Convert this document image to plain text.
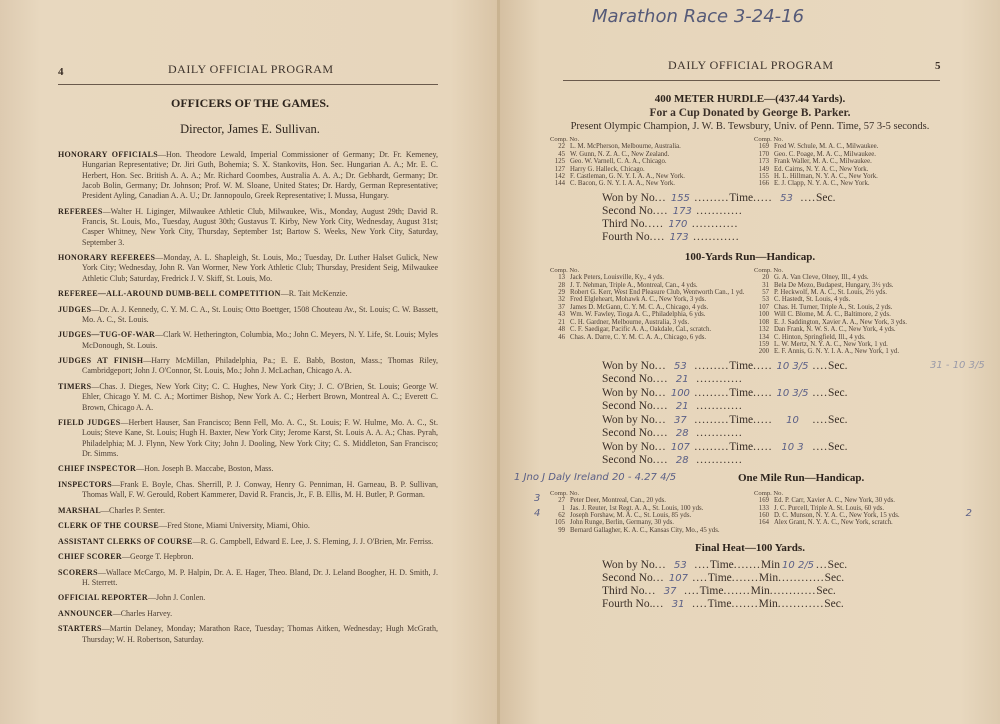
4	DAILY OFFICIAL PROGRAM
OFFICERS OF THE GAMES.
Director, James E. Sullivan.
HONORARY OFFICIALS—Hon. Theodore Lewald, Imperial Commissioner of Germany; Dr. Fr. Kemeney, Hungarian Representative; Dr. Jiri Guth, Bohemia; S. X. Stankovits, Hon. Sec. Hungarian A. A.; Mr. E. C. Herbert, Hon. Sec. British A. A. A.; Mr. Richard Coombes, Australia A. A. A.; Dr. Gebhardt, Germany; Dr. Jacob Bolin, Germany; Dr. Johnson; Prof. W. M. Sloane, United States; Dr. Hardy, German Representative; President Ayling, Canadian A. A. U.; Dr. Jannopoulo, Greek Representative; I. Mussa, Hungary.
REFEREES—Walter H. Liginger, Milwaukee Athletic Club, Milwaukee, Wis., Monday, August 29th; David R. Francis, St. Louis, Mo., Tuesday, August 30th; Gustavus T. Kirby, New York City, Wednesday, August 31st; Casper Whitney, New York City, Thursday, September 1st; Bartow S. Weeks, New York City, Saturday, September 3.
HONORARY REFEREES—Monday, A. L. Shapleigh, St. Louis, Mo.; Tuesday, Dr. Luther Halset Gulick, New York City; Wednesday, John R. Van Wormer, New York Athletic Club; Thursday, President Seig, Milwaukee Athletic Club; Saturday, Fredrick J. V. Skiff, St. Louis, Mo.
REFEREE—ALL-AROUND DUMB-BELL COMPETITION—R. Tait McKenzie.
JUDGES—Dr. A. J. Kennedy, C. Y. M. C. A., St. Louis; Otto Boettger, 1508 Chouteau Av., St. Louis; C. W. Bassett, Mo. A. C., St. Louis.
JUDGES—TUG-OF-WAR—Clark W. Hetherington, Columbia, Mo.; John C. Meyers, N. Y. Life, St. Louis; Myles McDonough, St. Louis.
JUDGES AT FINISH—Harry McMillan, Philadelphia, Pa.; E. E. Babb, Boston, Mass.; Thomas Riley, Cambridgeport; John J. O'Connor, St. Louis, Mo.; John J. McLachan, Chicago A. A.
TIMERS—Chas. J. Dieges, New York City; C. C. Hughes, New York City; J. C. O'Brien, St. Louis; George W. Ehler, Chicago Y. M. C. A.; Mortimer Bishop, New York A. C.; Herbert Brown, Montreal A. C.; Everett C. Brown, Chicago A. A.
FIELD JUDGES—Herbert Hauser, San Francisco; Benn Fell, Mo. A. C., St. Louis; F. W. Hulme, Mo. A. C., St. Louis; Steve Kane, St. Louis; Hugh H. Baxter, New York City; Jerome Karst, St. Louis A. A. A.; Chas. Pyrah, Philadelphia; M. J. Flynn, New York City; John J. Dooling, New York City; C. S. Middleton, San Francisco; Dr. Simms.
CHIEF INSPECTOR—Hon. Joseph B. Maccabe, Boston, Mass.
INSPECTORS—Frank E. Boyle, Chas. Sherrill, P. J. Conway, Henry G. Penniman, H. Garneau, B. P. Sullivan, Thomas Wall, F. W. Gerould, Robert Kammerer, David R. Francis, Jr., F. B. Ellis, M. H. Butler, P. Gorman.
MARSHAL—Charles P. Senter.
CLERK OF THE COURSE—Fred Stone, Miami University, Miami, Ohio.
ASSISTANT CLERKS OF COURSE—R. G. Campbell, Edward E. Lee, J. S. Fleming, J. J. O'Brien, Mr. Ferriss.
CHIEF SCORER—George T. Hepbron.
SCORERS—Wallace McCargo, M. P. Halpin, Dr. A. E. Hager, Theo. Bland, Dr. J. Leland Boogher, H. D. Smith, J. H. Sterrett.
OFFICIAL REPORTER—John J. Conlen.
ANNOUNCER—Charles Harvey.
STARTERS—Martin Delaney, Monday; Marathon Race, Tuesday; Thomas Aitken, Wednesday; Hugh McGrath, Thursday; W. H. Robertson, Saturday.
Marathon Race 3-24-16
DAILY OFFICIAL PROGRAM	5
400 METER HURDLE—(437.44 Yards).
For a Cup Donated by George B. Parker.
Present Olympic Champion, J. W. B. Tewsbury, Univ. of Penn. Time, 57 3-5 seconds.
Comp. No.
22 L. M. McPherson, Melbourne, Australia.
45 W. Gunn, N. Z. A. C., New Zealand.
125 Geo. W. Varnell, C. A. A., Chicago.
127 Harry G. Halleck, Chicago.
142 F. Castleman, G. N. Y. I. A. A., New York.
144 C. Bacon, G. N. Y. I. A. A., New York.
Comp. No.
169 Fred W. Schule, M. A. C., Milwaukee.
170 Geo. C. Poage, M. A. C., Milwaukee.
173 Frank Waller, M. A. C., Milwaukee.
149 Ed. Cairns, N. Y. A. C., New York.
155 H. L. Hillman, N. Y. A. C., New York.
166 E. J. Clapp, N. Y. A. C., New York.
Won by No... 155 .........Time..... 53 ....Sec.
Second No.... 173 ............
Third No..... 170 ............
Fourth No.... 173 ............
100-Yards Run—Handicap.
Comp. No.
13 Jack Peters, Louisville, Ky., 4 yds.
28 J. T. Nehman, Triple A., Montreal, Can., 4 yds.
29 Robert G. Kerr, West End Pleasure Club, Wentworth Can., 1 yd.
32 Fred Elgleheart, Mohawk A. C., New York, 3 yds.
37 James D. McGann, C. Y. M. C. A., Chicago, 4 yds.
43 Wm. W. Fawley, Tioga A. C., Philadelphia, 6 yds.
21 C. H. Gardner, Melbourne, Australia, 3 yds.
48 C. F. Saedigar, Pacific A. A., Oakdale, Cal., scratch.
46 Chas. A. Darre, C. Y. M. C. A. A., Chicago, 6 yds.
Comp. No.
20 G. A. Van Cleve, Olney, Ill., 4 yds.
31 Bela De Mezo, Budapest, Hungary, 3½ yds.
57 P. Heckwolf, M. A. C., St. Louis, 2½ yds.
53 C. Hastedt, St. Louis, 4 yds.
107 Chas. H. Turner, Triple A., St. Louis, 2 yds.
100 Will C. Blome, M. A. C., Baltimore, 2 yds.
108 E. J. Saddington, Xavier A. A., New York, 3 yds.
132 Dan Frank, N. W. S. A. C., New York, 4 yds.
134 C. Hinton, Springfield, Ill., 4 yds.
159 L. W. Mertz, N. Y. A. C., New York, 1 yd.
200 E. F. Annis, G. N. Y. I. A. A., New York, 1 yd.
31 - 10 3/5
Won by No... 53 .........Time..... 10 3/5 ....Sec.
Second No.... 21 ............
Won by No... 100 .........Time..... 10 3/5 ....Sec.
Second No.... 21 ............
Won by No... 37 .........Time..... 10 ....Sec.
Second No.... 28 ............
Won by No... 107 .........Time..... 10 3 ....Sec.
Second No.... 28 ............
1 Jno J Daly Ireland 20 - 4.27 4/5	One Mile Run—Handicap.
Comp. No.
3	27 Peter Deer, Montreal, Can., 20 yds.
1 Jas. J. Reuter, 1st Regt. A. A., St. Louis, 100 yds.
4	62 Joseph Forshaw, M. A. C., St. Louis, 85 yds.
105 John Runge, Berlin, Germany, 30 yds.
99 Bernard Gallagher, K. A. C., Kansas City, Mo., 45 yds.
Comp. No.
169 Ed. P. Carr, Xavier A. C., New York, 30 yds.
133 J. C. Purcell, Triple A. St. Louis, 60 yds.	2
160 D. C. Munson, N. Y. A. C., New York, 15 yds.
164 Alex Grant, N. Y. A. C., New York, scratch.
Final Heat—100 Yards.
Won by No... 53 ....Time.......Min 10 2/5 ...Sec.
Second No... 107 ....Time.......Min............Sec.
Third No... 37 ....Time.......Min............Sec.
Fourth No.... 31 ....Time.......Min............Sec.
